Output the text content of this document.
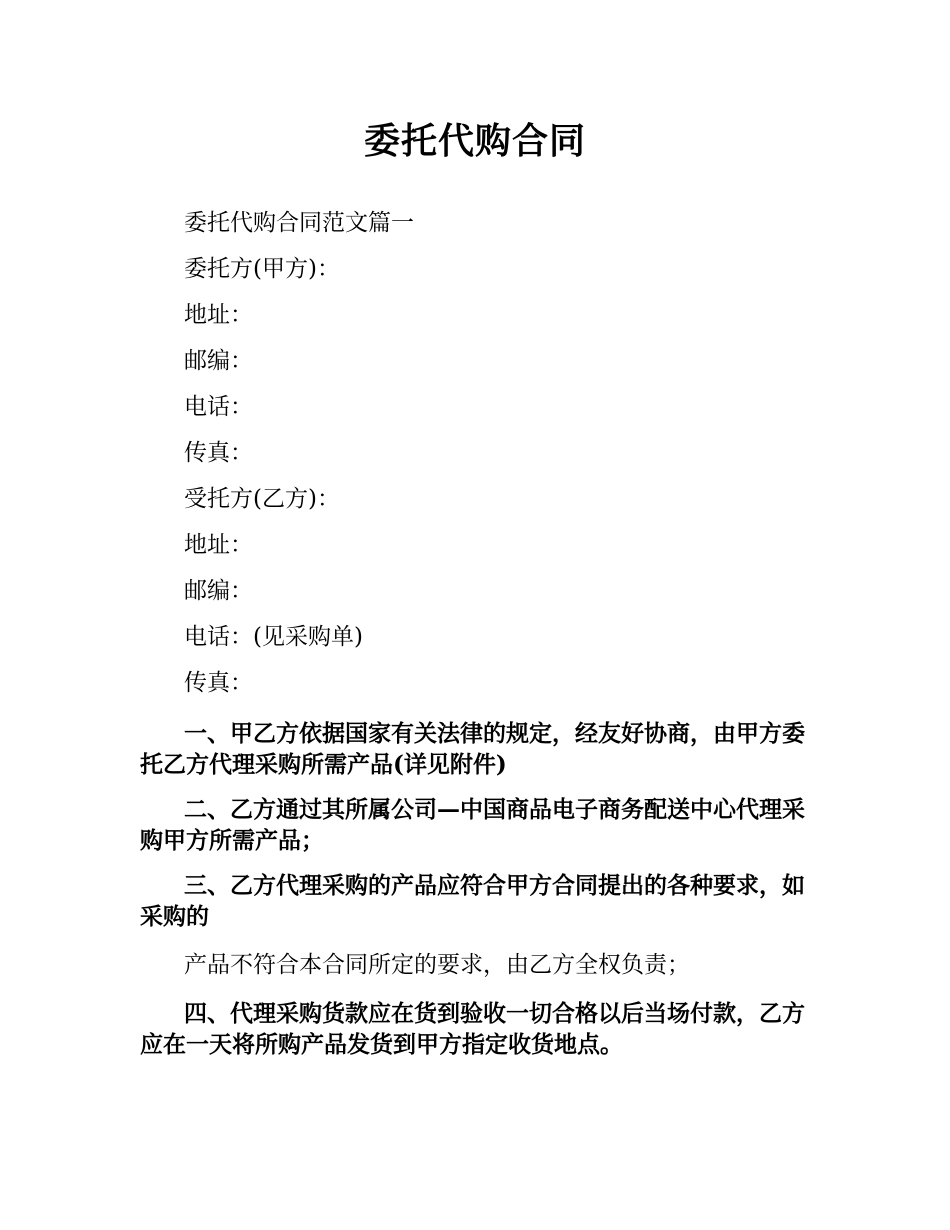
委托代购合同

委托代购合同范文篇一

委托方(甲方)：

地址：

邮编：

电话：

传真：

受托方(乙方)：

地址：

邮编：

电话：(见采购单)

传真：

一、甲乙方依据国家有关法律的规定，经友好协商，由甲方委托乙方代理采购所需产品(详见附件)

二、乙方通过其所属公司—中国商品电子商务配送中心代理采购甲方所需产品；

三、乙方代理采购的产品应符合甲方合同提出的各种要求，如采购的

产品不符合本合同所定的要求，由乙方全权负责；

四、代理采购货款应在货到验收一切合格以后当场付款，乙方应在一天将所购产品发货到甲方指定收货地点。
